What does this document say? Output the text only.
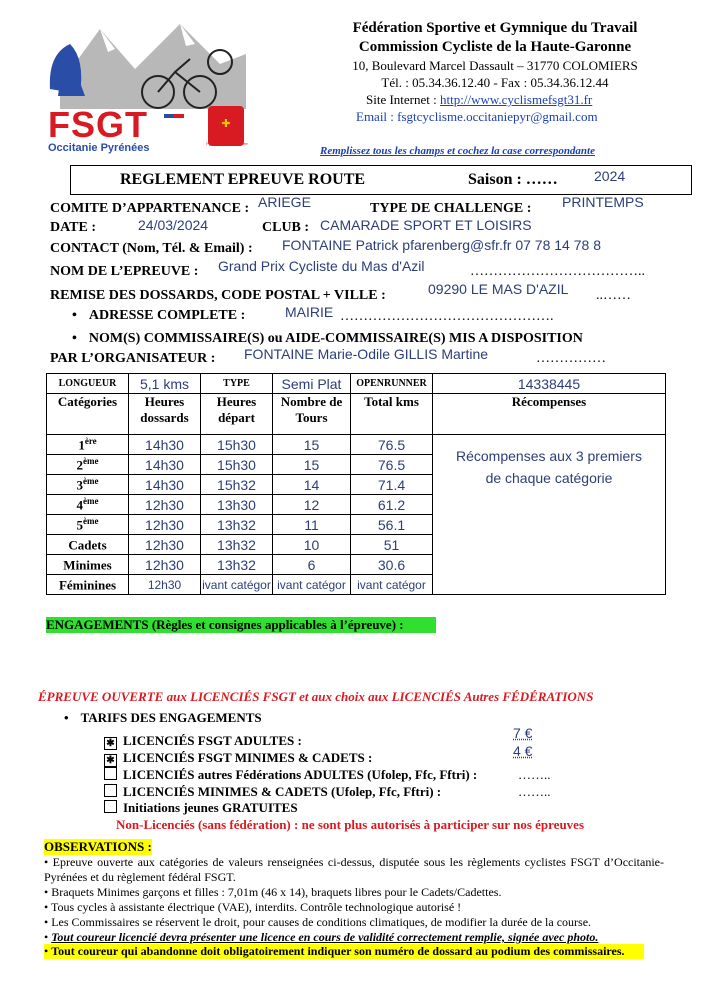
✚
FSGT
Occitanie Pyrénées
Région Occitanie Pyrénées Méditerranée
Fédération Sportive et Gymnique du Travail
Commission Cycliste de la Haute-Garonne
10, Boulevard Marcel Dassault – 31770 COLOMIERS
Tél. : 05.34.36.12.40 - Fax : 05.34.36.12.44
Site Internet : http://www.cyclismefsgt31.fr
Email : fsgtcyclisme.occitaniepyr@gmail.com
Remplissez tous les champs et cochez la case correspondante
REGLEMENT EPREUVE ROUTE	Saison : ……	2024
COMITE D’APPARTENANCE : ARIEGE	TYPE DE CHALLENGE : PRINTEMPS
DATE :	24/03/2024	CLUB : CAMARADE SPORT ET LOISIRS
CONTACT (Nom, Tél. & Email) : FONTAINE Patrick pfarenberg@sfr.fr 07 78 14 78 8
NOM DE L’EPREUVE : Grand Prix Cycliste du Mas d'Azil	………………………………..
REMISE DES DOSSARDS, CODE POSTAL + VILLE :	09290 LE MAS D'AZIL ..……
• ADRESSE COMPLETE :	MAIRIE ……………………………………….
• NOM(S) COMMISSAIRE(S) ou AIDE-COMMISSAIRE(S) MIS A DISPOSITION
PAR L’ORGANISATEUR : FONTAINE Marie-Odile GILLIS Martine	……………
LONGUEUR	5,1 kms	TYPE	Semi Plat	OPENRUNNER	14338445
Catégories	Heures dossards	Heures départ	Nombre de Tours	Total kms	Récompenses
1ère	14h30	15h30	15	76.5	Récompenses aux 3 premiers de chaque catégorie
2ème	14h30	15h30	15	76.5	
3ème	14h30	15h32	14	71.4	
4ème	12h30	13h30	12	61.2	
5ème	12h30	13h32	11	56.1	
Cadets	12h30	13h32	10	51	
Minimes	12h30	13h32	6	30.6	
Féminines	12h30	ivant catégor	ivant catégor	ivant catégor	
ENGAGEMENTS (Règles et consignes applicables à l’épreuve) :
ÉPREUVE OUVERTE aux LICENCIÉS FSGT et aux choix aux LICENCIÉS Autres FÉDÉRATIONS
• TARIFS DES ENGAGEMENTS
✱ LICENCIÉS FSGT ADULTES :	7 €
✱ LICENCIÉS FSGT MINIMES & CADETS :	4 €
LICENCIÉS autres Fédérations ADULTES (Ufolep, Ffc, Fftri) :	……..
LICENCIÉS MINIMES & CADETS (Ufolep, Ffc, Fftri) :	……..
Initiations jeunes GRATUITES
Non-Licenciés (sans fédération) : ne sont plus autorisés à participer sur nos épreuves
OBSERVATIONS :
• Epreuve ouverte aux catégories de valeurs renseignées ci-dessus, disputée sous les règlements cyclistes FSGT d’Occitanie-Pyrénées et du règlement fédéral FSGT.
• Braquets Minimes garçons et filles : 7,01m (46 x 14), braquets libres pour le Cadets/Cadettes.
• Tous cycles à assistante électrique (VAE), interdits. Contrôle technologique autorisé !
• Les Commissaires se réservent le droit, pour causes de conditions climatiques, de modifier la durée de la course.
• Tout coureur licencié devra présenter une licence en cours de validité correctement remplie, signée avec photo.
• Tout coureur qui abandonne doit obligatoirement indiquer son numéro de dossard au podium des commissaires.
